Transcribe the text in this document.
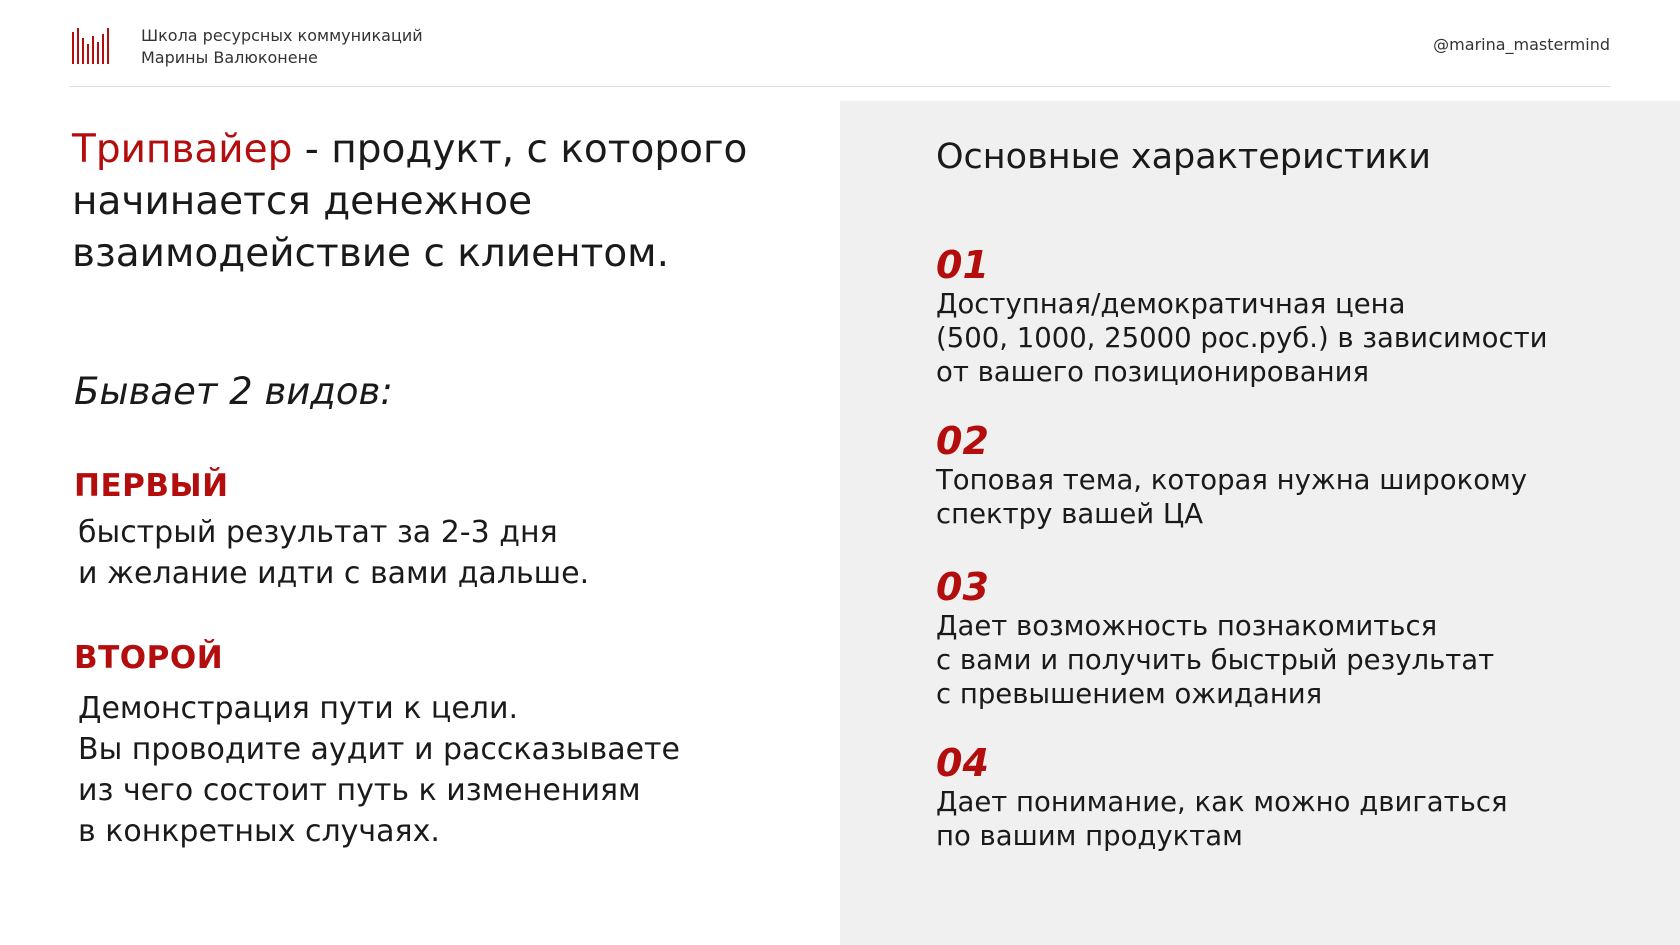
Школа ресурсных коммуникаций
Марины Валюконене
@marina_mastermind
Трипвайер - продукт, с которого начинается денежное взаимодействие с клиентом.
Бывает 2 видов:
ПЕРВЫЙ
быстрый результат за 2-3 дня
и желание идти с вами дальше.
ВТОРОЙ
Демонстрация пути к цели.
Вы проводите аудит и рассказываете
из чего состоит путь к изменениям
в конкретных случаях.
Основные характеристики
01
Доступная/демократичная цена
(500, 1000, 25000 рос.руб.) в зависимости
от вашего позиционирования
02
Топовая тема, которая нужна широкому
спектру вашей ЦА
03
Дает возможность познакомиться
с вами и получить быстрый результат
с превышением ожидания
04
Дает понимание, как можно двигаться
по вашим продуктам
